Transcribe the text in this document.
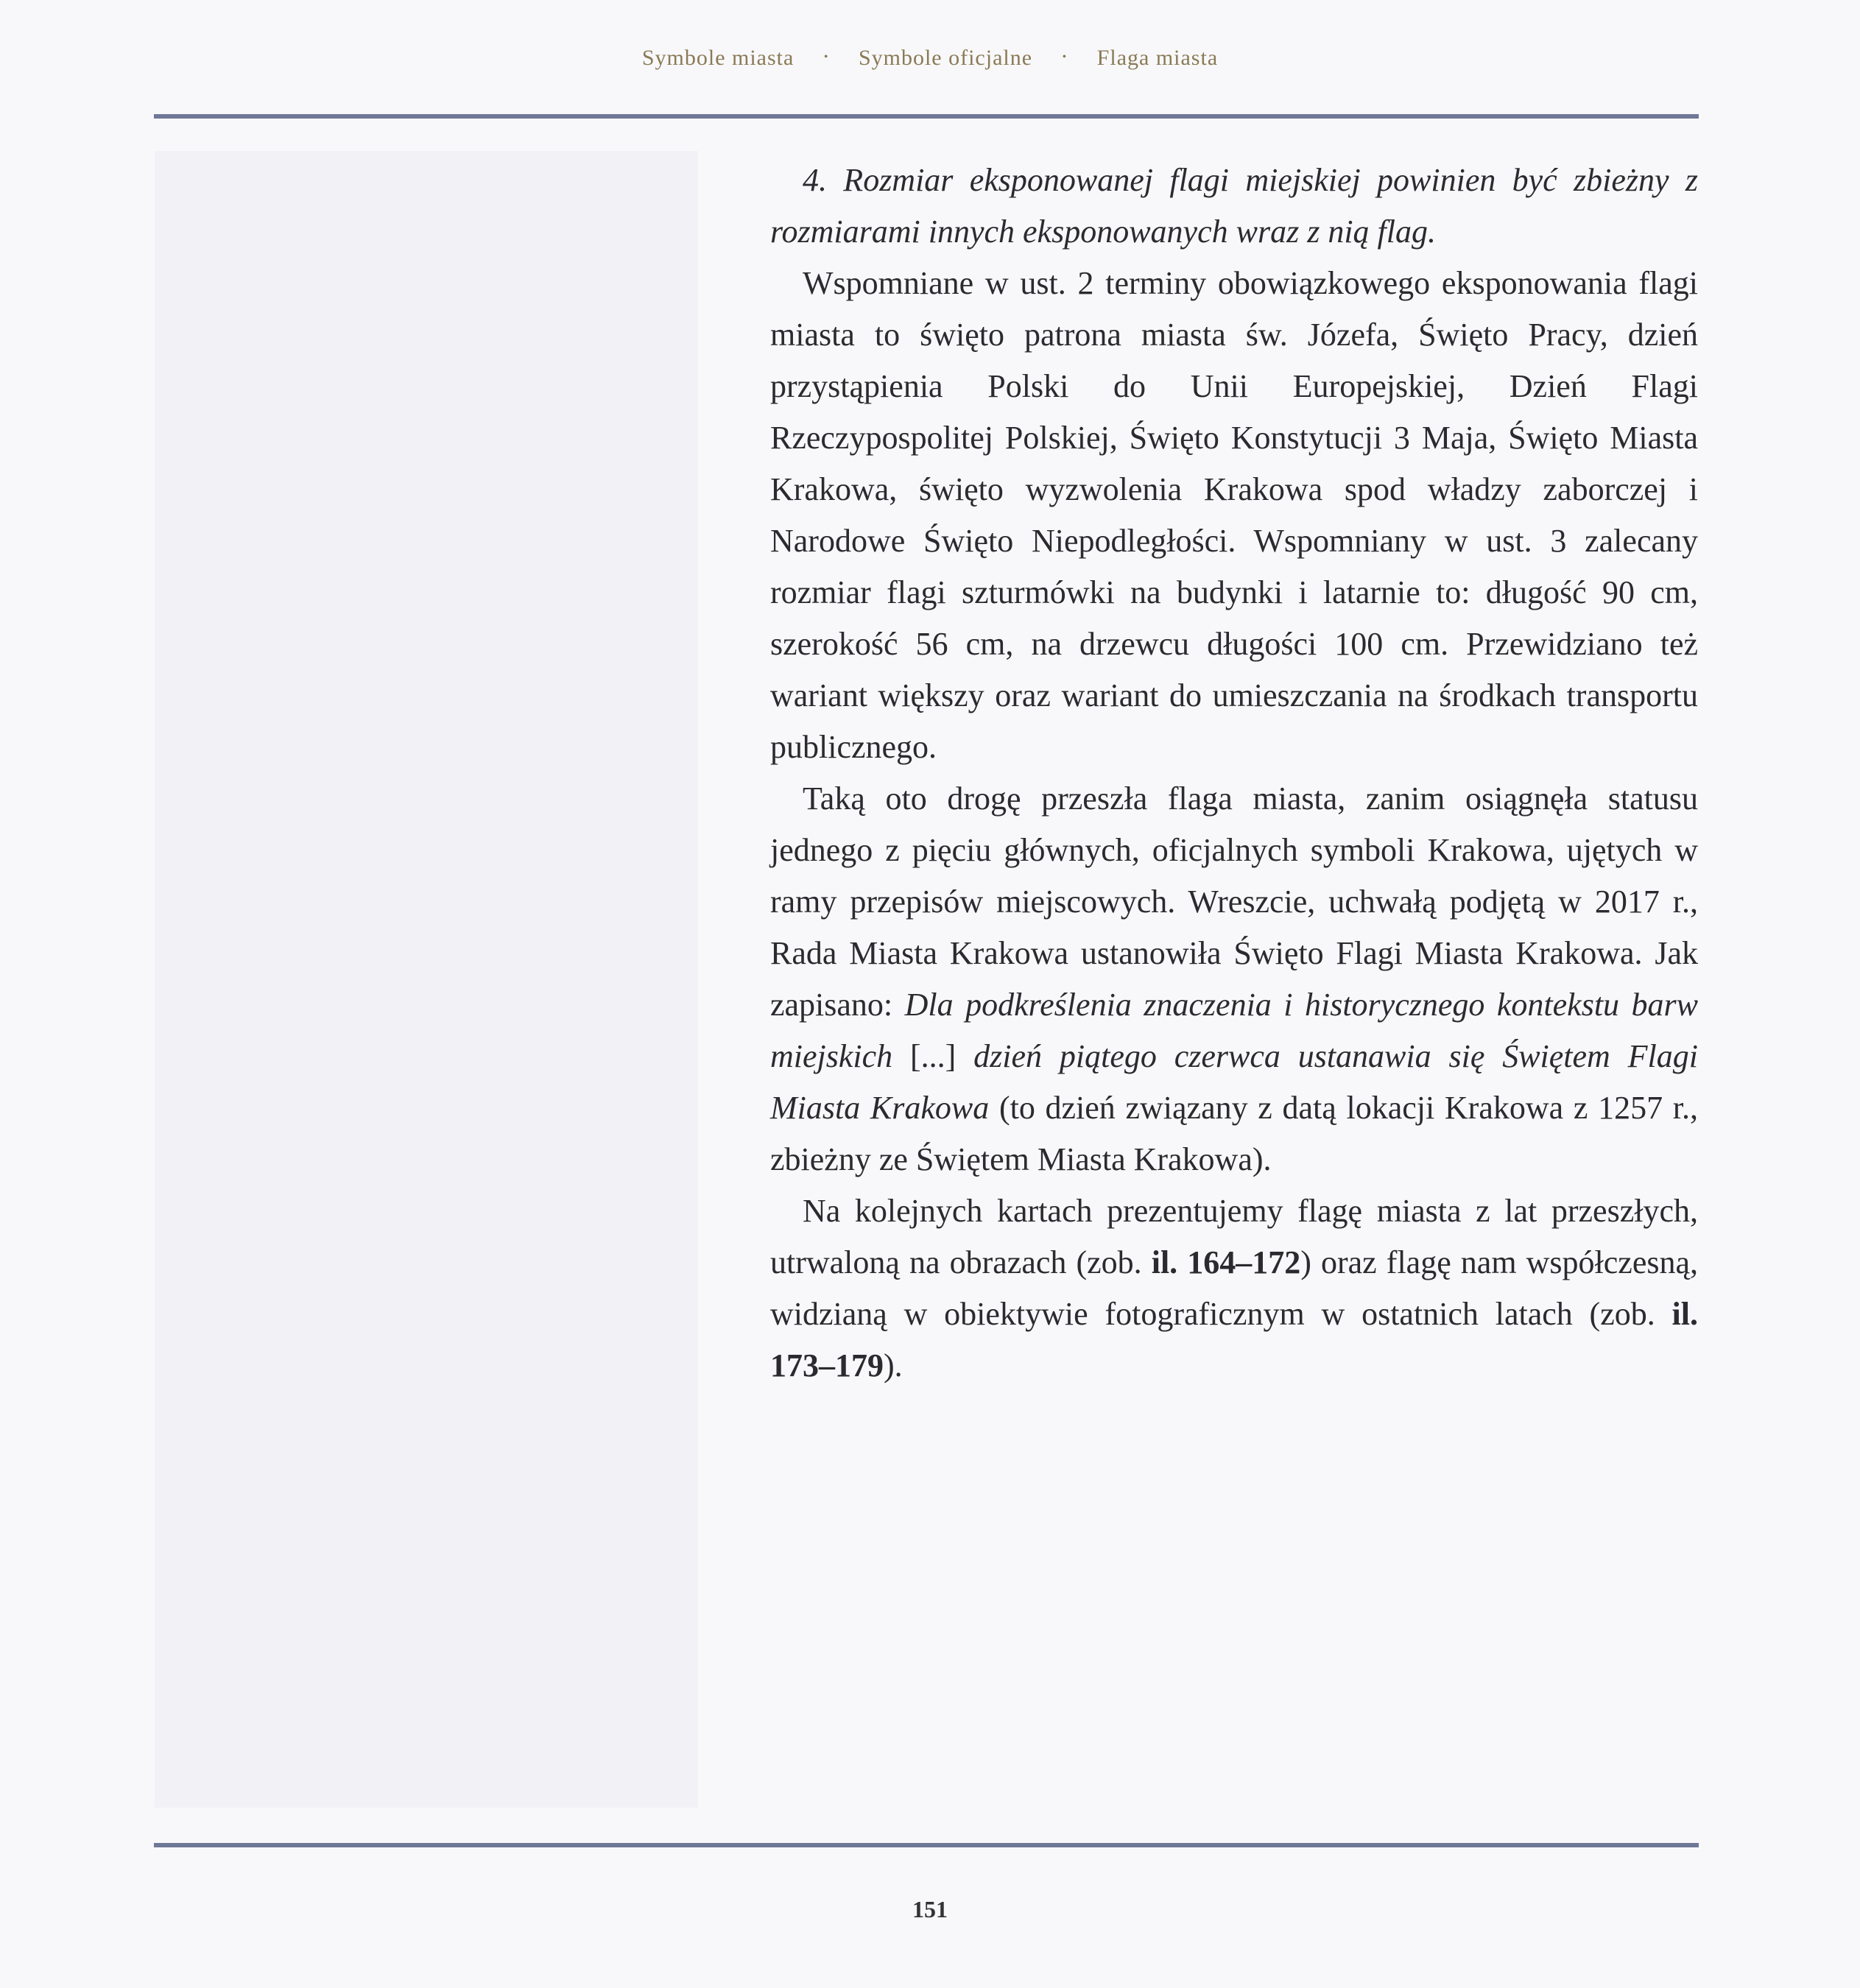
Symbole miasta	• Symbole oficjalne	• Flaga miasta

4. Rozmiar eksponowanej flagi miejskiej powinien być zbieżny z rozmiarami innych eksponowanych wraz z nią flag.

Wspomniane w ust. 2 terminy obowiązkowego eksponowania flagi miasta to święto patrona miasta św. Józefa, Święto Pracy, dzień przystąpienia Polski do Unii Europejskiej, Dzień Flagi Rzeczypospolitej Polskiej, Święto Konstytucji 3 Maja, Święto Miasta Krakowa, święto wyzwolenia Krakowa spod władzy zaborczej i Narodowe Święto Niepodległości. Wspomniany w ust. 3 zalecany rozmiar flagi szturmówki na budynki i latarnie to: długość 90 cm, szerokość 56 cm, na drzewcu długości 100 cm. Przewidziano też wariant większy oraz wariant do umieszczania na środkach transportu publicznego.

Taką oto drogę przeszła flaga miasta, zanim osiągnęła statusu jednego z pięciu głównych, oficjalnych symboli Krakowa, ujętych w ramy przepisów miejscowych. Wreszcie, uchwałą podjętą w 2017 r., Rada Miasta Krakowa ustanowiła Święto Flagi Miasta Krakowa. Jak zapisano: Dla podkreślenia znaczenia i historycznego kontekstu barw miejskich [...] dzień piątego czerwca ustanawia się Świętem Flagi Miasta Krakowa (to dzień związany z datą lokacji Krakowa z 1257 r., zbieżny ze Świętem Miasta Krakowa).

Na kolejnych kartach prezentujemy flagę miasta z lat przeszłych, utrwaloną na obrazach (zob. il. 164–172) oraz flagę nam współczesną, widzianą w obiektywie fotograficznym w ostatnich latach (zob. il. 173–179).

151
